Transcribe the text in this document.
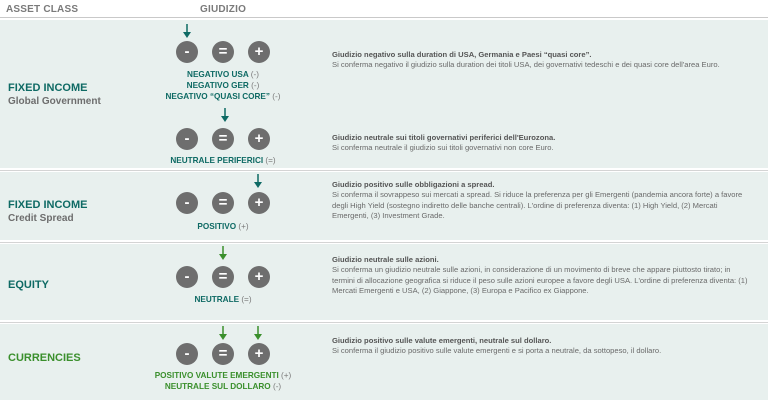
ASSET CLASS	GIUDIZIO
FIXED INCOME
Global Government
-	=	+
NEGATIVO USA (-)
NEGATIVO GER (-)
NEGATIVO “QUASI CORE” (-)
Giudizio negativo sulla duration di USA, Germania e Paesi “quasi core”.
Si conferma negativo il giudizio sulla duration dei titoli USA, dei governativi tedeschi e dei quasi core dell'area Euro.
-	=	+
NEUTRALE PERIFERICI (=)
Giudizio neutrale sui titoli governativi periferici dell'Eurozona.
Si conferma neutrale il giudizio sui titoli governativi non core Euro.
FIXED INCOME
Credit Spread
-	=	+
POSITIVO (+)
Giudizio positivo sulle obbligazioni a spread.
Si conferma il sovrappeso sui mercati a spread. Si riduce la preferenza per gli Emergenti (pandemia ancora forte) a favore degli High Yield (sostegno indiretto delle banche centrali). L'ordine di preferenza diventa: (1) High Yield, (2) Mercati Emergenti, (3) Investment Grade.
EQUITY	-	=	+
NEUTRALE (=)
Giudizio neutrale sulle azioni.
Si conferma un giudizio neutrale sulle azioni, in considerazione di un movimento di breve che appare piuttosto tirato; in termini di allocazione geografica si riduce il peso sulle azioni europee a favore degli USA. L'ordine di preferenza diventa: (1) Mercati Emergenti e USA, (2) Giappone, (3) Europa e Pacifico ex Giappone.
CURRENCIES	-	=	+
POSITIVO VALUTE EMERGENTI (+)
NEUTRALE SUL DOLLARO (-)
Giudizio positivo sulle valute emergenti, neutrale sul dollaro.
Si conferma il giudizio positivo sulle valute emergenti e si porta a neutrale, da sottopeso, il dollaro.
